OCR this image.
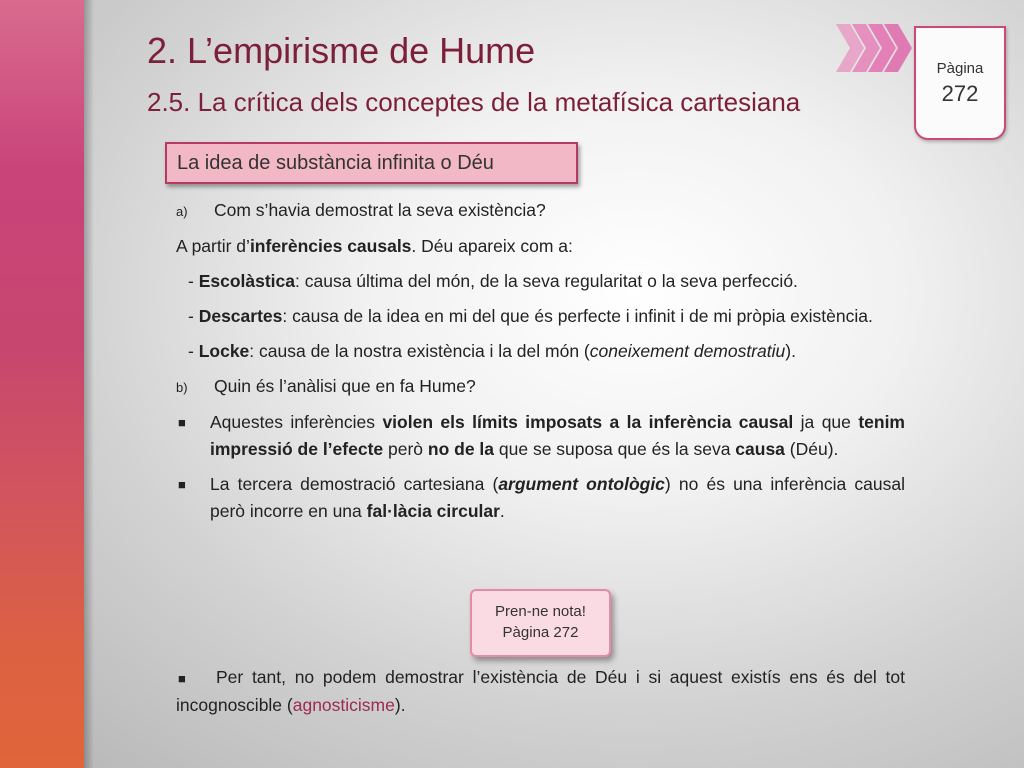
2. L’empirisme de Hume
2.5. La crítica dels conceptes de la metafísica cartesiana
Pàgina
272
La idea de substància infinita o Déu

a) Com s’havia demostrat la seva existència?

A partir d’inferències causals. Déu apareix com a:

- Escolàstica: causa última del món, de la seva regularitat o la seva perfecció.

- Descartes: causa de la idea en mi del que és perfecte i infinit i de mi pròpia existència.

- Locke: causa de la nostra existència i la del món (coneixement demostratiu).

b) Quin és l’anàlisi que en fa Hume?

■	Aquestes inferències violen els límits imposats a la inferència causal ja que tenim impressió de l’efecte però no de la que se suposa que és la seva causa (Déu).
■	La tercera demostració cartesiana (argument ontològic) no és una inferència causal però incorre en una fal·làcia circular.
Pren-ne nota!
Pàgina 272

■ Per tant, no podem demostrar l’existència de Déu i si aquest existís ens és del tot incognoscible (agnosticisme).
